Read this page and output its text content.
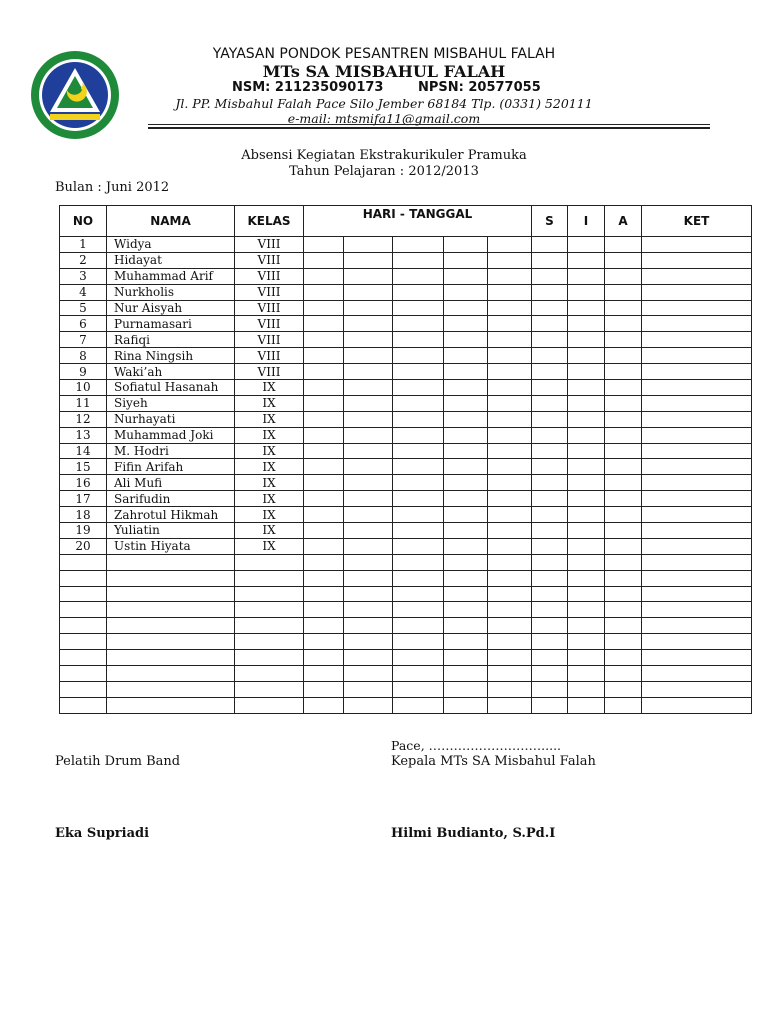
YAYASAN PONDOK PESANTREN MISBAHUL FALAH
MTs SA MISBAHUL FALAH
NSM: 211235090173	NPSN: 20577055
Jl. PP. Misbahul Falah Pace Silo Jember 68184 Tlp. (0331) 520111
e-mail: mtsmifa11@gmail.com
Absensi Kegiatan Ekstrakurikuler Pramuka
Tahun Pelajaran : 2012/2013
Bulan : Juni 2012
NO	NAMA	KELAS	HARI - TANGGAL					S	I	A	KET
1	Widya	VIII									
2	Hidayat	VIII									
3	Muhammad Arif	VIII									
4	Nurkholis	VIII									
5	Nur Aisyah	VIII									
6	Purnamasari	VIII									
7	Rafiqi	VIII									
8	Rina Ningsih	VIII									
9	Waki’ah	VIII									
10	Sofiatul Hasanah	IX									
11	Siyeh	IX									
12	Nurhayati	IX									
13	Muhammad Joki	IX									
14	M. Hodri	IX									
15	Fifin Arifah	IX									
16	Ali Mufi	IX									
17	Sarifudin	IX									
18	Zahrotul Hikmah	IX									
19	Yuliatin	IX									
20	Ustin Hiyata	IX									

Pace, ……………………….....
Pelatih Drum Band	Kepala MTs SA Misbahul Falah
Eka Supriadi	Hilmi Budianto, S.Pd.I
